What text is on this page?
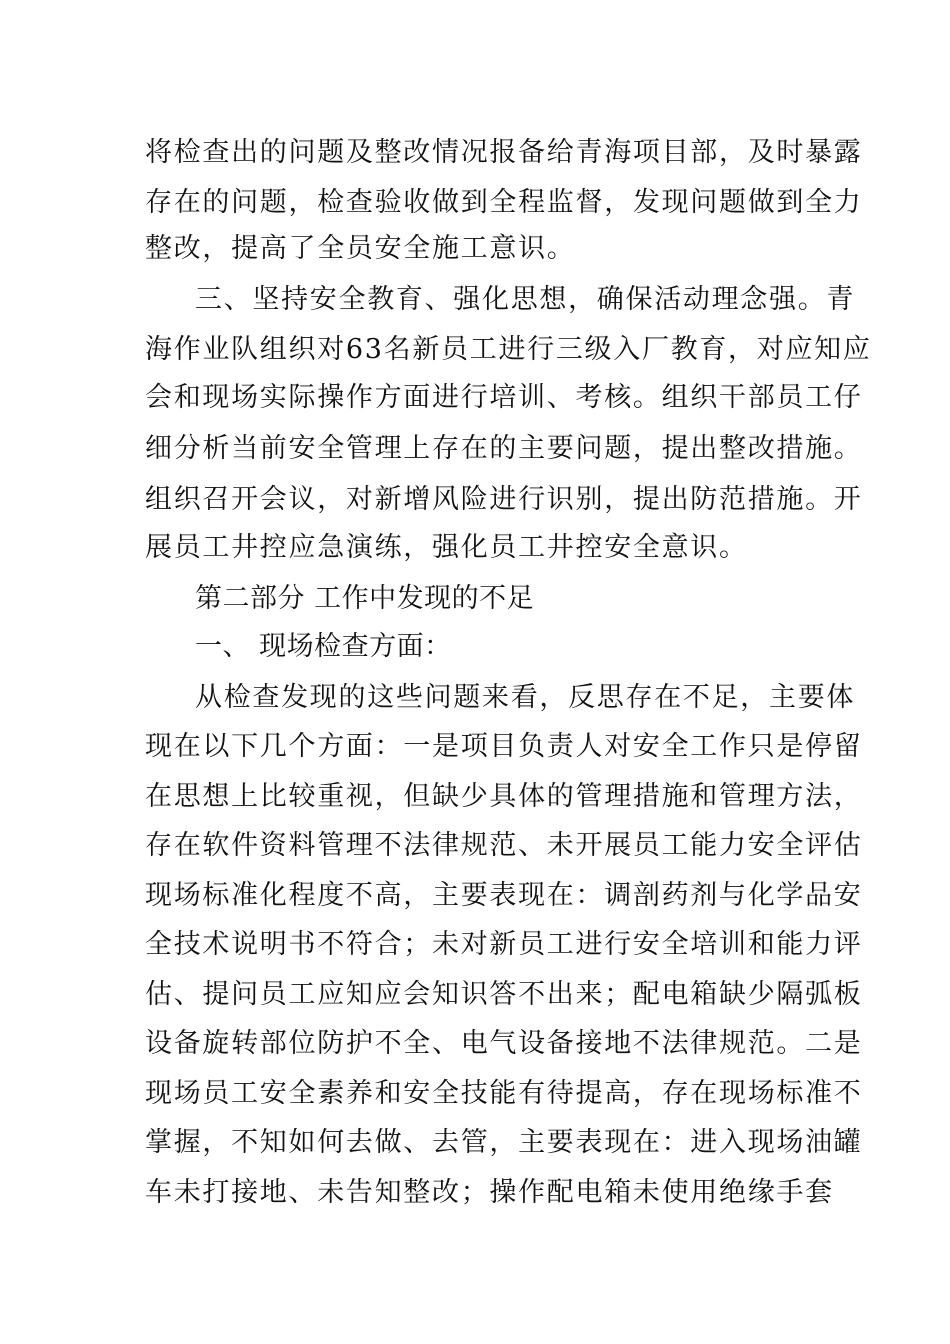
将检查出的问题及整改情况报备给青海项目部，及时暴露
存在的问题，检查验收做到全程监督，发现问题做到全力
整改，提高了全员安全施工意识。
三、坚持安全教育、强化思想，确保活动理念强。青
海作业队组织对63名新员工进行三级入厂教育，对应知应
会和现场实际操作方面进行培训、考核。组织干部员工仔
细分析当前安全管理上存在的主要问题，提出整改措施。
组织召开会议，对新增风险进行识别，提出防范措施。开
展员工井控应急演练，强化员工井控安全意识。
第二部分 工作中发现的不足
一、 现场检查方面：
从检查发现的这些问题来看，反思存在不足，主要体
现在以下几个方面：一是项目负责人对安全工作只是停留
在思想上比较重视，但缺少具体的管理措施和管理方法，
存在软件资料管理不法律规范、未开展员工能力安全评估
现场标准化程度不高，主要表现在：调剖药剂与化学品安
全技术说明书不符合；未对新员工进行安全培训和能力评
估、提问员工应知应会知识答不出来；配电箱缺少隔弧板
设备旋转部位防护不全、电气设备接地不法律规范。二是
现场员工安全素养和安全技能有待提高，存在现场标准不
掌握，不知如何去做、去管，主要表现在：进入现场油罐
车未打接地、未告知整改；操作配电箱未使用绝缘手套
